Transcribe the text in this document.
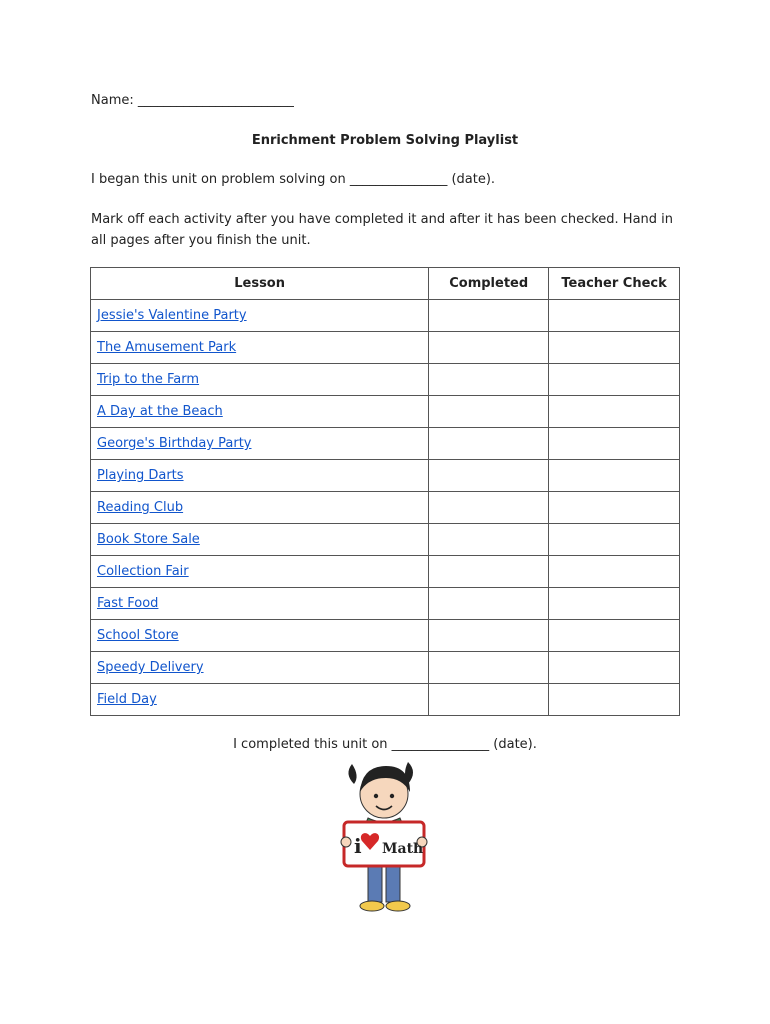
Name: ________________________
Enrichment Problem Solving Playlist
I began this unit on problem solving on _______________ (date).
Mark off each activity after you have completed it and after it has been checked. Hand in all pages after you finish the unit.
Lesson	Completed	Teacher Check
Jessie's Valentine Party		
The Amusement Park		
Trip to the Farm		
A Day at the Beach		
George's Birthday Party		
Playing Darts		
Reading Club		
Book Store Sale		
Collection Fair		
Fast Food		
School Store		
Speedy Delivery		
Field Day		
I completed this unit on _______________ (date).
i Math
